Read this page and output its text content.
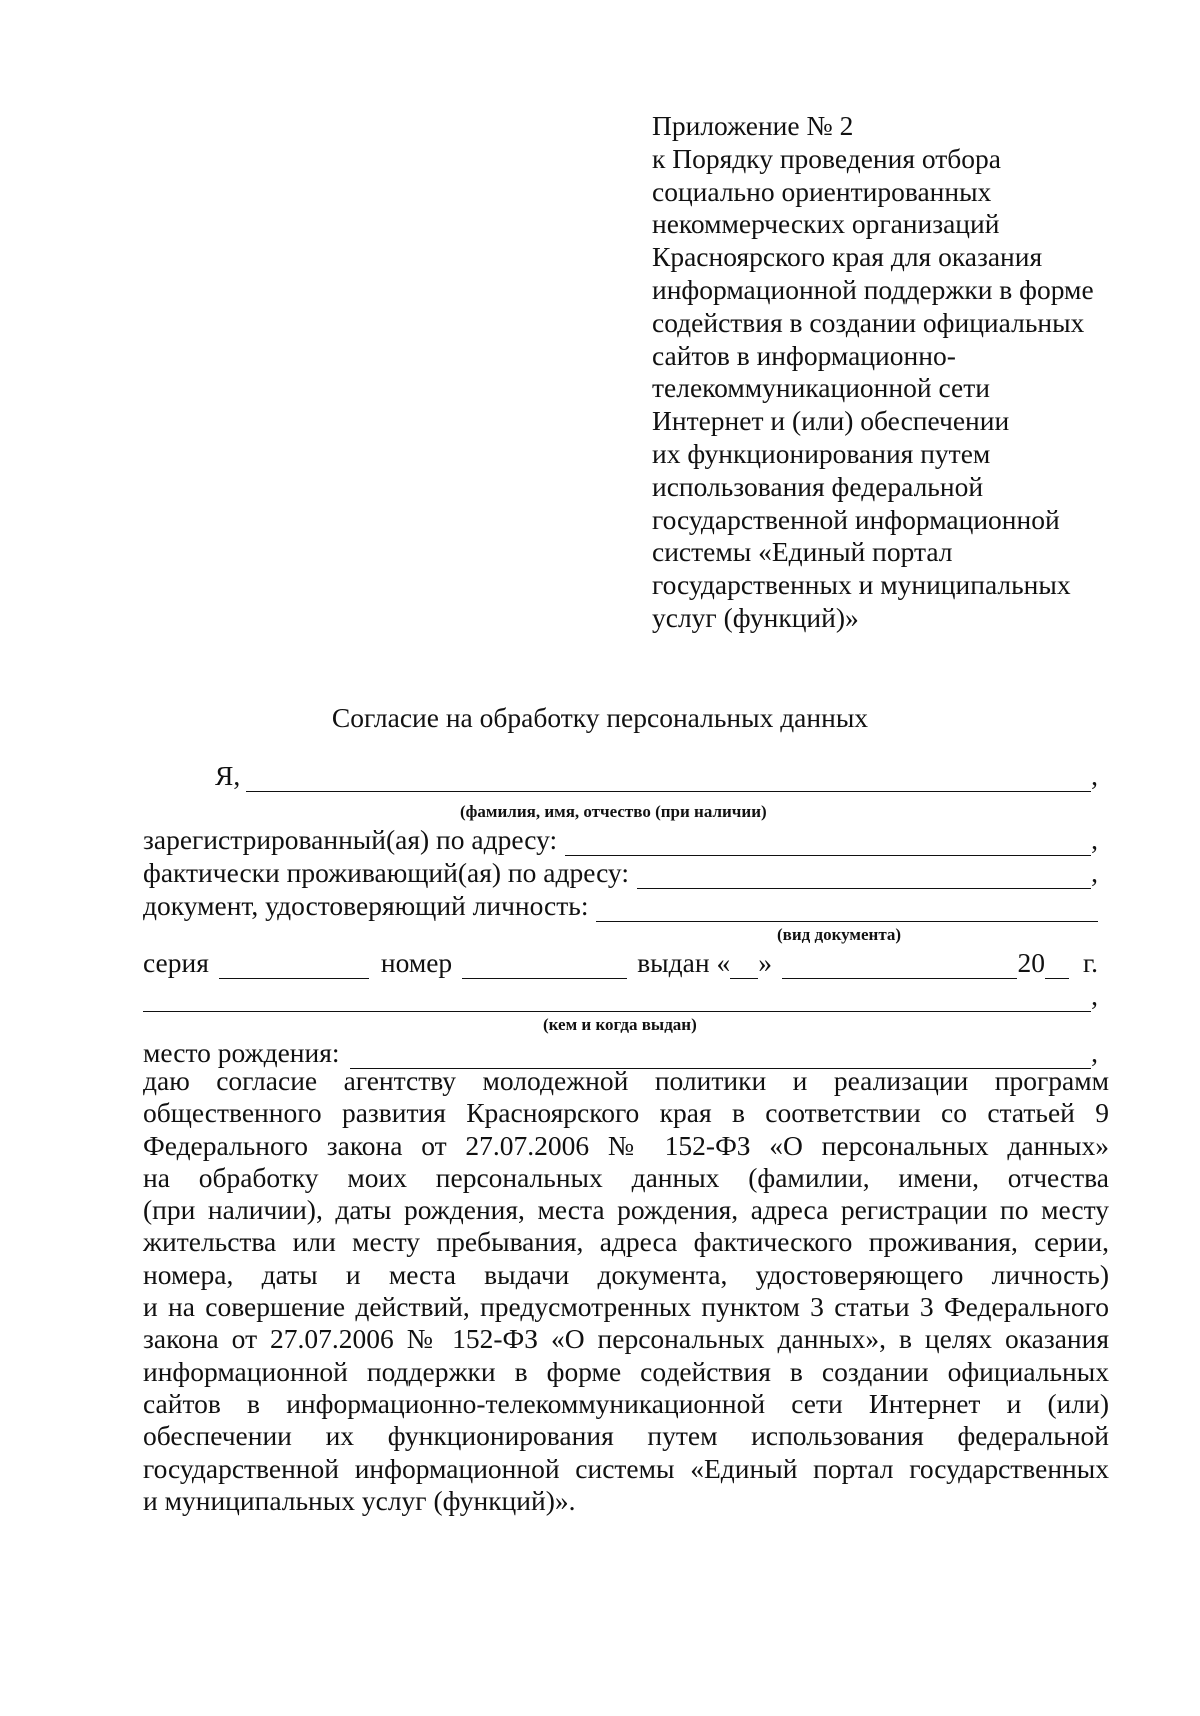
Приложение № 2
к Порядку проведения отбора
социально ориентированных
некоммерческих организаций
Красноярского края для оказания
информационной поддержки в форме
содействия в создании официальных
сайтов в информационно-
телекоммуникационной сети
Интернет и (или) обеспечении
их функционирования путем
использования федеральной
государственной информационной
системы «Единый портал
государственных и муниципальных
услуг (функций)»
Согласие на обработку персональных данных
Я,	,
(фамилия, имя, отчество (при наличии)
зарегистрированный(ая) по адресу:	,
фактически проживающий(ая) по адресу:	,
документ, удостоверяющий личность:
(вид документа)
серия	номер	выдан « »	20 г.
,
(кем и когда выдан)
место рождения:	,
даю согласие агентству молодежной политики и реализации программ
общественного развития Красноярского края в соответствии со статьей 9
Федерального закона от 27.07.2006 № 152-ФЗ «О персональных данных»
на обработку моих персональных данных (фамилии, имени, отчества
(при наличии), даты рождения, места рождения, адреса регистрации по месту
жительства или месту пребывания, адреса фактического проживания, серии,
номера, даты и места выдачи документа, удостоверяющего личность)
и на совершение действий, предусмотренных пунктом 3 статьи 3 Федерального
закона от 27.07.2006 № 152-ФЗ «О персональных данных», в целях оказания
информационной поддержки в форме содействия в создании официальных
сайтов в информационно-телекоммуникационной сети Интернет и (или)
обеспечении их функционирования путем использования федеральной
государственной информационной системы «Единый портал государственных
и муниципальных услуг (функций)».
